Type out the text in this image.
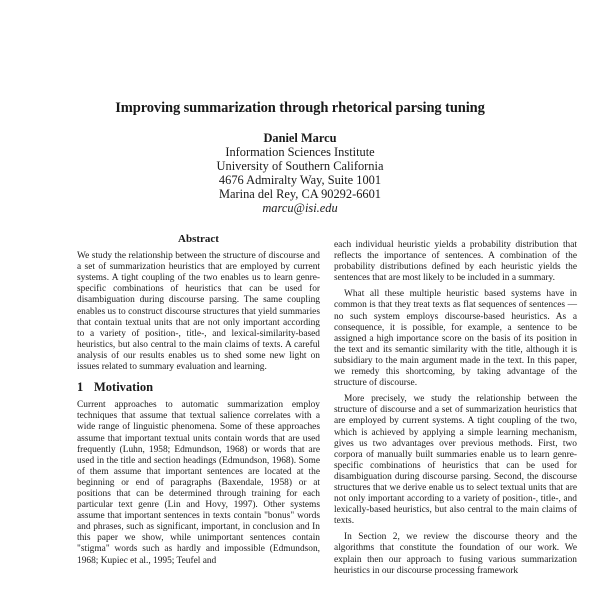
Improving summarization through rhetorical parsing tuning
Daniel Marcu
Information Sciences Institute
University of Southern California
4676 Admiralty Way, Suite 1001
Marina del Rey, CA 90292-6601
marcu@isi.edu
Abstract

We study the relationship between the structure of discourse and a set of summarization heuristics that are employed by current systems. A tight coupling of the two enables us to learn genre-specific combinations of heuristics that can be used for disambiguation during discourse parsing. The same coupling enables us to construct discourse structures that yield summaries that contain textual units that are not only important according to a variety of position-, title-, and lexical-similarity-based heuristics, but also central to the main claims of texts. A careful analysis of our results enables us to shed some new light on issues related to summary evaluation and learning.

1 Motivation

Current approaches to automatic summarization employ techniques that assume that textual salience correlates with a wide range of linguistic phenomena. Some of these approaches assume that important textual units contain words that are used frequently (Luhn, 1958; Edmundson, 1968) or words that are used in the title and section headings (Edmundson, 1968). Some of them assume that important sentences are located at the beginning or end of paragraphs (Baxendale, 1958) or at positions that can be determined through training for each particular text genre (Lin and Hovy, 1997). Other systems assume that important sentences in texts contain "bonus" words and phrases, such as significant, important, in conclusion and In this paper we show, while unimportant sentences contain "stigma" words such as hardly and impossible (Edmundson, 1968; Kupiec et al., 1995; Teufel and

each individual heuristic yields a probability distribution that reflects the importance of sentences. A combination of the probability distributions defined by each heuristic yields the sentences that are most likely to be included in a summary.

What all these multiple heuristic based systems have in common is that they treat texts as flat sequences of sentences — no such system employs discourse-based heuristics. As a consequence, it is possible, for example, a sentence to be assigned a high importance score on the basis of its position in the text and its semantic similarity with the title, although it is subsidiary to the main argument made in the text. In this paper, we remedy this shortcoming, by taking advantage of the structure of discourse.

More precisely, we study the relationship between the structure of discourse and a set of summarization heuristics that are employed by current systems. A tight coupling of the two, which is achieved by applying a simple learning mechanism, gives us two advantages over previous methods. First, two corpora of manually built summaries enable us to learn genre-specific combinations of heuristics that can be used for disambiguation during discourse parsing. Second, the discourse structures that we derive enable us to select textual units that are not only important according to a variety of position-, title-, and lexically-based heuristics, but also central to the main claims of texts.

In Section 2, we review the discourse theory and the algorithms that constitute the foundation of our work. We explain then our approach to fusing various summarization heuristics in our discourse processing framework
